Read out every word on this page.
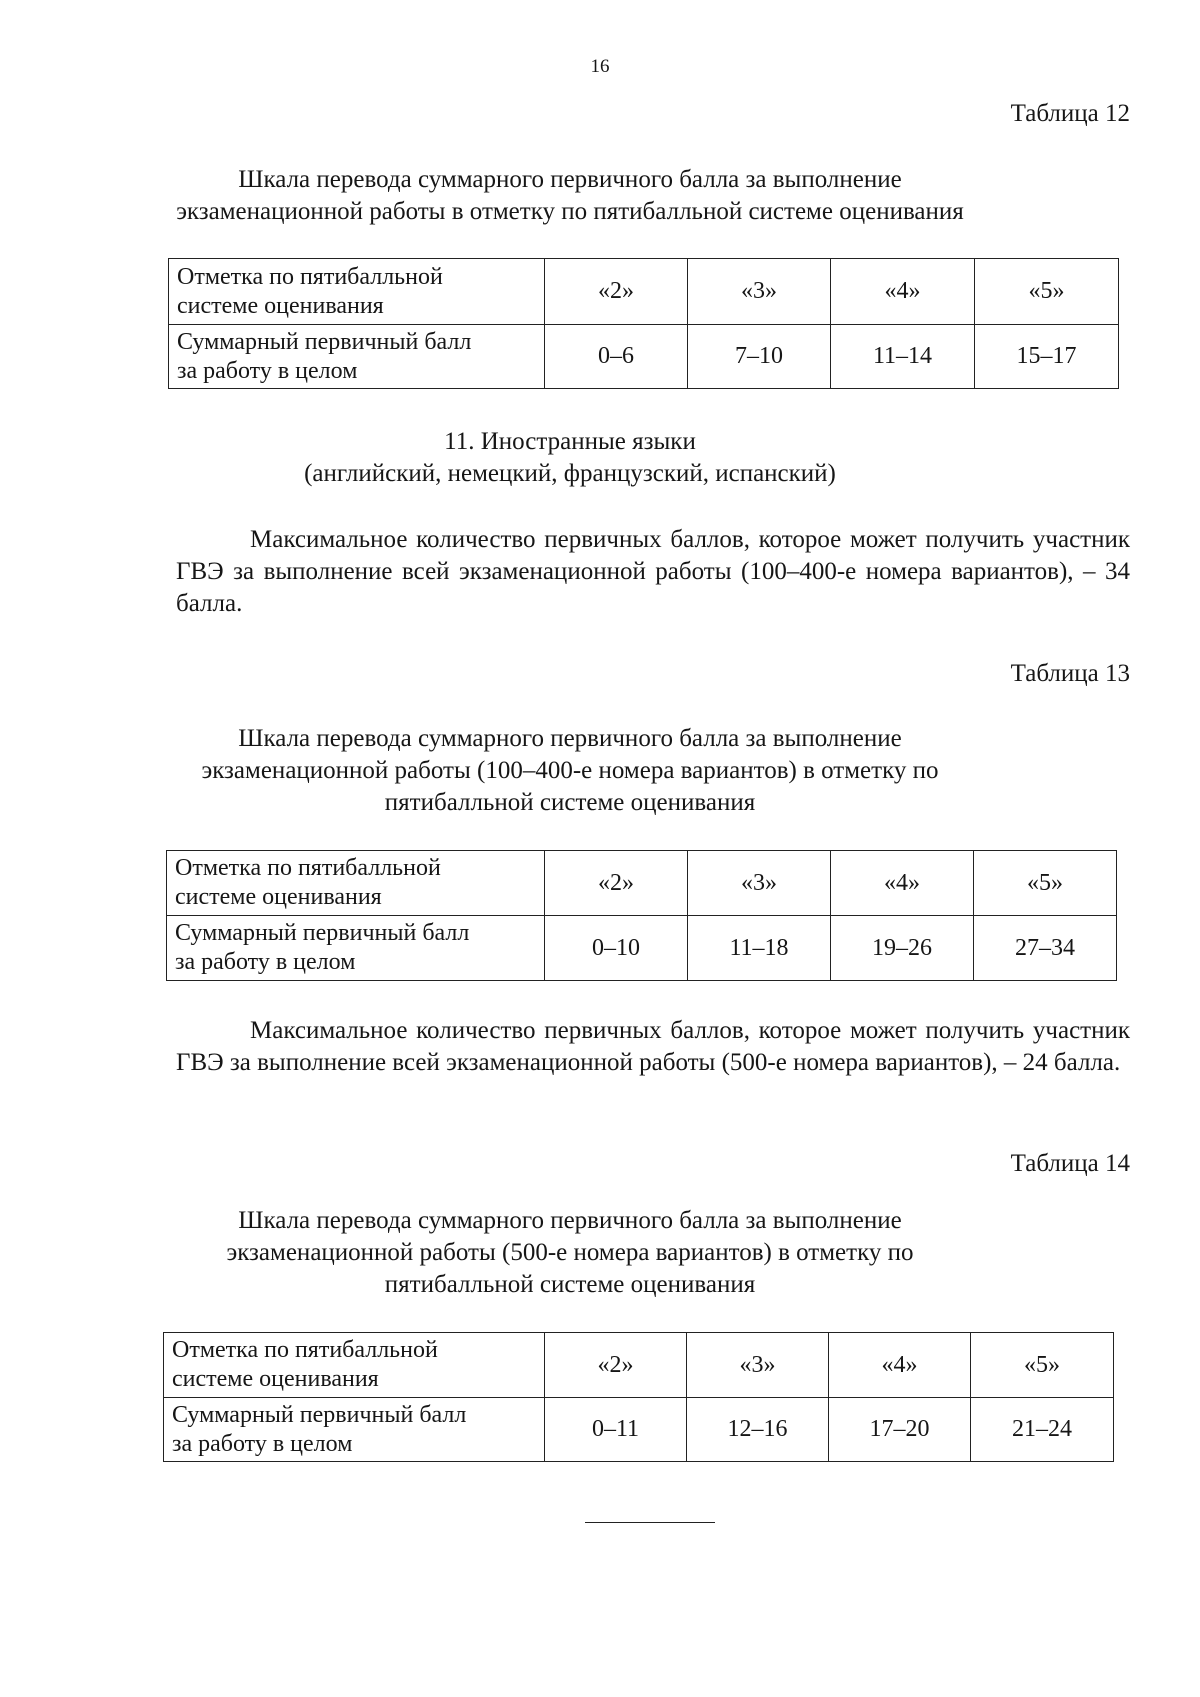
16
Таблица 12
Шкала перевода суммарного первичного балла за выполнение
экзаменационной работы в отметку по пятибалльной системе оценивания
Отметка по пятибалльной
системе оценивания	«2»	«3»	«4»	«5»

Суммарный первичный балл
за работу в целом	0–6	7–10	11–14	15–17
11. Иностранные языки
(английский, немецкий, французский, испанский)
Максимальное количество первичных баллов, которое может получить участник ГВЭ за выполнение всей экзаменационной работы (100–400-е номера вариантов), – 34 балла.
Таблица 13
Шкала перевода суммарного первичного балла за выполнение
экзаменационной работы (100–400-е номера вариантов) в отметку по
пятибалльной системе оценивания
Отметка по пятибалльной
системе оценивания	«2»	«3»	«4»	«5»

Суммарный первичный балл
за работу в целом	0–10	11–18	19–26	27–34
Максимальное количество первичных баллов, которое может получить участник ГВЭ за выполнение всей экзаменационной работы (500-е номера вариантов), – 24 балла.
Таблица 14
Шкала перевода суммарного первичного балла за выполнение
экзаменационной работы (500-е номера вариантов) в отметку по
пятибалльной системе оценивания
Отметка по пятибалльной
системе оценивания	«2»	«3»	«4»	«5»

Суммарный первичный балл
за работу в целом	0–11	12–16	17–20	21–24
